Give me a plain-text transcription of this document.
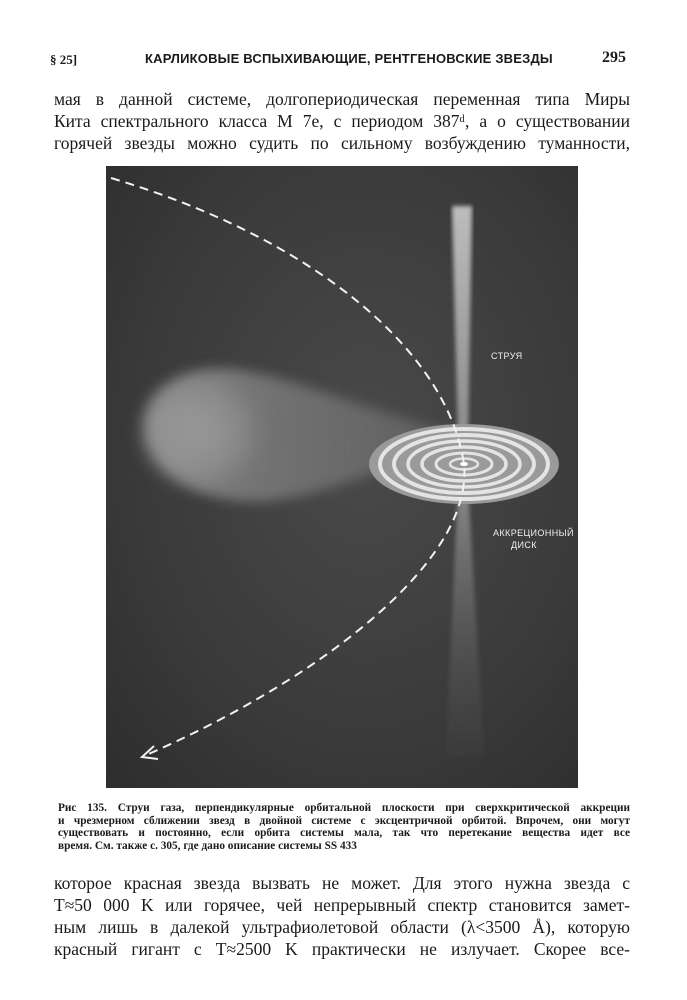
§ 25]	КАРЛИКОВЫЕ ВСПЫХИВАЮЩИЕ, РЕНТГЕНОВСКИЕ ЗВЕЗДЫ	295
мая в данной системе, долгопериодическая переменная типа Миры
Кита спектрального класса М 7е, с периодом 387ᵈ, а о существовании
горячей звезды можно судить по сильному возбуждению туманности,
СТРУЯ
АККРЕЦИОННЫЙ
ДИСК
Рис 135. Струи газа, перпендикулярные орбитальной плоскости при сверхкритической аккреции
и чрезмерном сближении звезд в двойной системе с эксцентричной орбитой. Впрочем, они могут
существовать и постоянно, если орбита системы мала, так что перетекание вещества идет все
время. См. также с. 305, где дано описание системы SS 433
которое красная звезда вызвать не может. Для этого нужна звезда с
T≈50 000 K или горячее, чей непрерывный спектр становится замет-
ным лишь в далекой ультрафиолетовой области (λ<3500 Å), которую
красный гигант с T≈2500 K практически не излучает. Скорее все-
